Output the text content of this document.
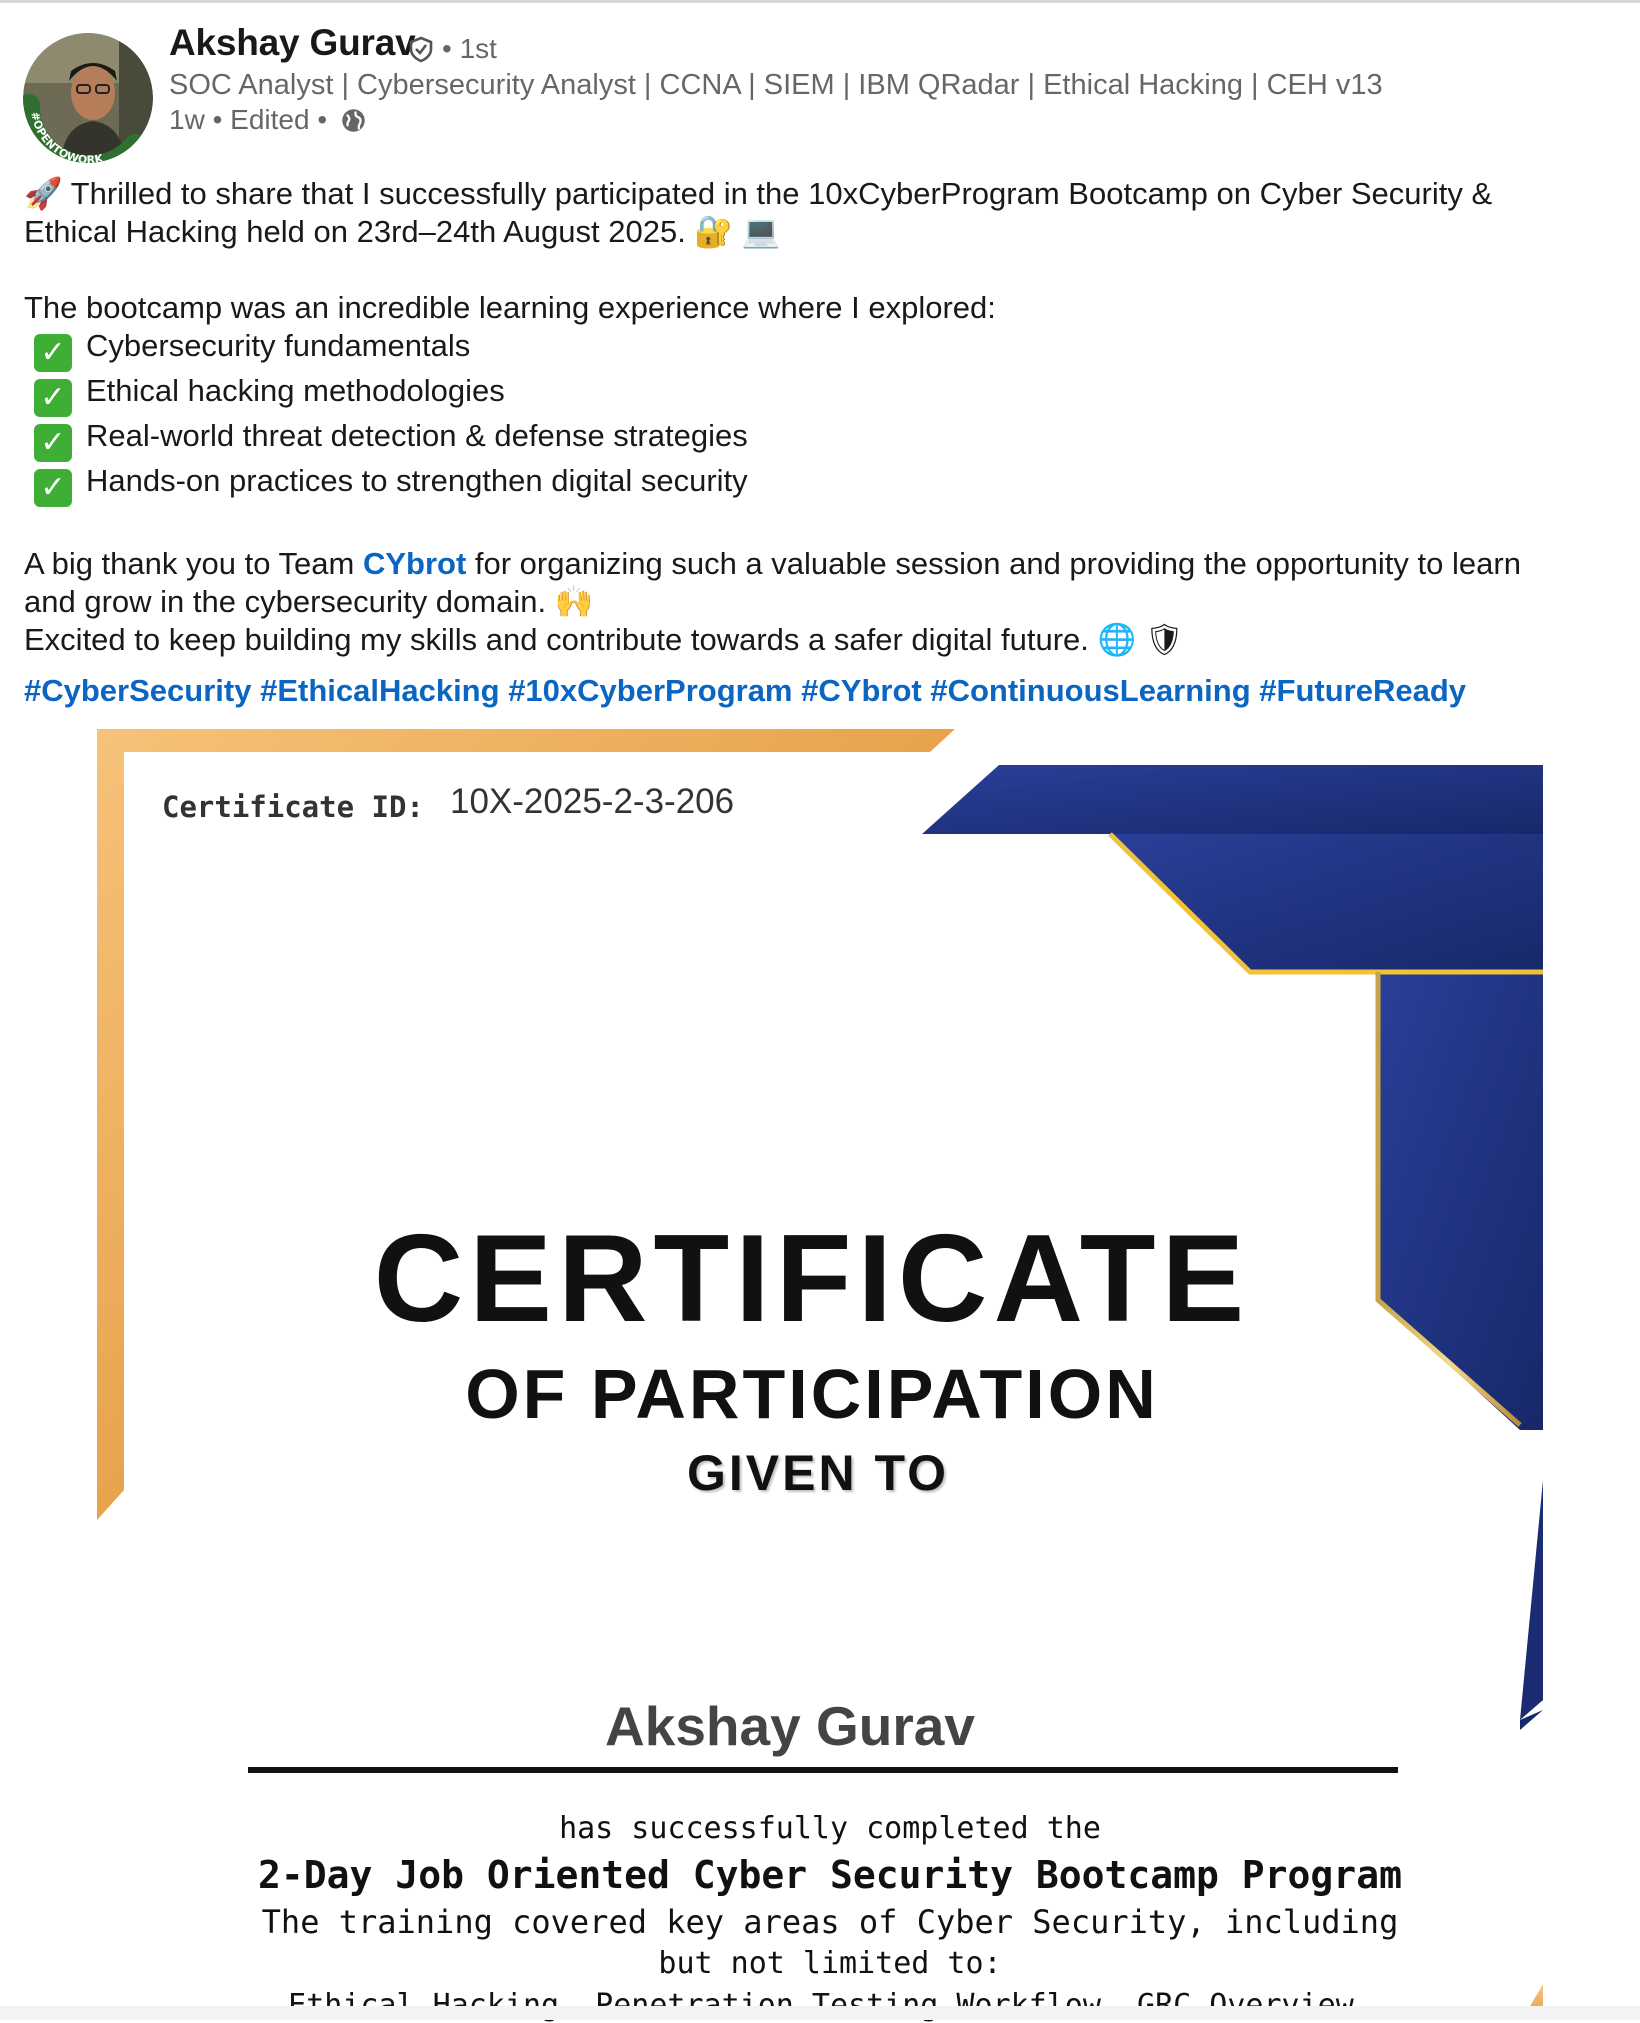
#OPENTOWORK
Akshay Gurav • 1st
SOC Analyst | Cybersecurity Analyst | CCNA | SIEM | IBM QRadar | Ethical Hacking | CEH v13
1w • Edited •
🚀 Thrilled to share that I successfully participated in the 10xCyberProgram Bootcamp on Cyber Security &
Ethical Hacking held on 23rd–24th August 2025. 🔐 💻
The bootcamp was an incredible learning experience where I explored:
✓ Cybersecurity fundamentals
✓ Ethical hacking methodologies
✓ Real-world threat detection & defense strategies
✓ Hands-on practices to strengthen digital security
A big thank you to Team CYbrot for organizing such a valuable session and providing the opportunity to learn
and grow in the cybersecurity domain. 🙌
Excited to keep building my skills and contribute towards a safer digital future. 🌐 🛡
#CyberSecurity #EthicalHacking #10xCyberProgram #CYbrot #ContinuousLearning #FutureReady
Certificate ID: 10X-2025-2-3-206
CERTIFICATE
OF PARTICIPATION
GIVEN TO
Akshay Gurav
has successfully completed the
2-Day Job Oriented Cyber Security Bootcamp Program
The training covered key areas of Cyber Security, including
but not limited to:
